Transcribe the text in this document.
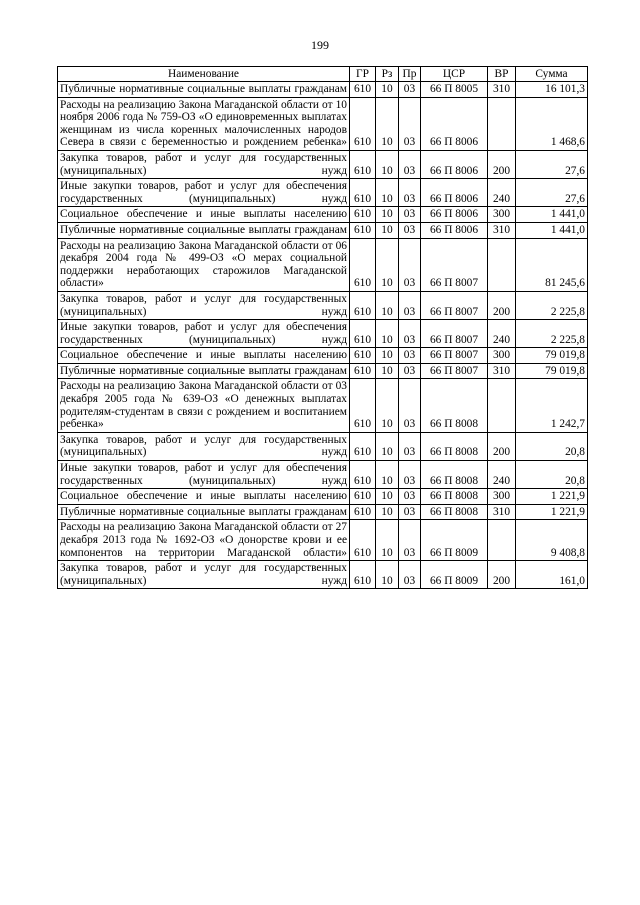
199
Наименование	ГР	Рз	Пр	ЦСР	ВР	Сумма
Публичные нормативные социальные выплаты гражданам	610	10	03	66 П 8005	310	16 101,3
Расходы на реализацию Закона Магаданской области от 10 ноября 2006 года № 759-ОЗ «О единовременных выплатах женщинам из числа коренных малочисленных народов Севера в связи с беременностью и рождением ребенка»	610	10	03	66 П 8006		1 468,6
Закупка товаров, работ и услуг для государственных (муниципальных) нужд	610	10	03	66 П 8006	200	27,6
Иные закупки товаров, работ и услуг для обеспечения государственных (муниципальных) нужд	610	10	03	66 П 8006	240	27,6
Социальное обеспечение и иные выплаты населению	610	10	03	66 П 8006	300	1 441,0
Публичные нормативные социальные выплаты гражданам	610	10	03	66 П 8006	310	1 441,0
Расходы на реализацию Закона Магаданской области от 06 декабря 2004 года № 499-ОЗ «О мерах социальной поддержки неработающих старожилов Магаданской области»	610	10	03	66 П 8007		81 245,6
Закупка товаров, работ и услуг для государственных (муниципальных) нужд	610	10	03	66 П 8007	200	2 225,8
Иные закупки товаров, работ и услуг для обеспечения государственных (муниципальных) нужд	610	10	03	66 П 8007	240	2 225,8
Социальное обеспечение и иные выплаты населению	610	10	03	66 П 8007	300	79 019,8
Публичные нормативные социальные выплаты гражданам	610	10	03	66 П 8007	310	79 019,8
Расходы на реализацию Закона Магаданской области от 03 декабря 2005 года № 639-ОЗ «О денежных выплатах родителям-студентам в связи с рождением и воспитанием ребенка»	610	10	03	66 П 8008		1 242,7
Закупка товаров, работ и услуг для государственных (муниципальных) нужд	610	10	03	66 П 8008	200	20,8
Иные закупки товаров, работ и услуг для обеспечения государственных (муниципальных) нужд	610	10	03	66 П 8008	240	20,8
Социальное обеспечение и иные выплаты населению	610	10	03	66 П 8008	300	1 221,9
Публичные нормативные социальные выплаты гражданам	610	10	03	66 П 8008	310	1 221,9
Расходы на реализацию Закона Магаданской области от 27 декабря 2013 года № 1692-ОЗ «О донорстве крови и ее компонентов на территории Магаданской области»	610	10	03	66 П 8009		9 408,8
Закупка товаров, работ и услуг для государственных (муниципальных) нужд	610	10	03	66 П 8009	200	161,0
